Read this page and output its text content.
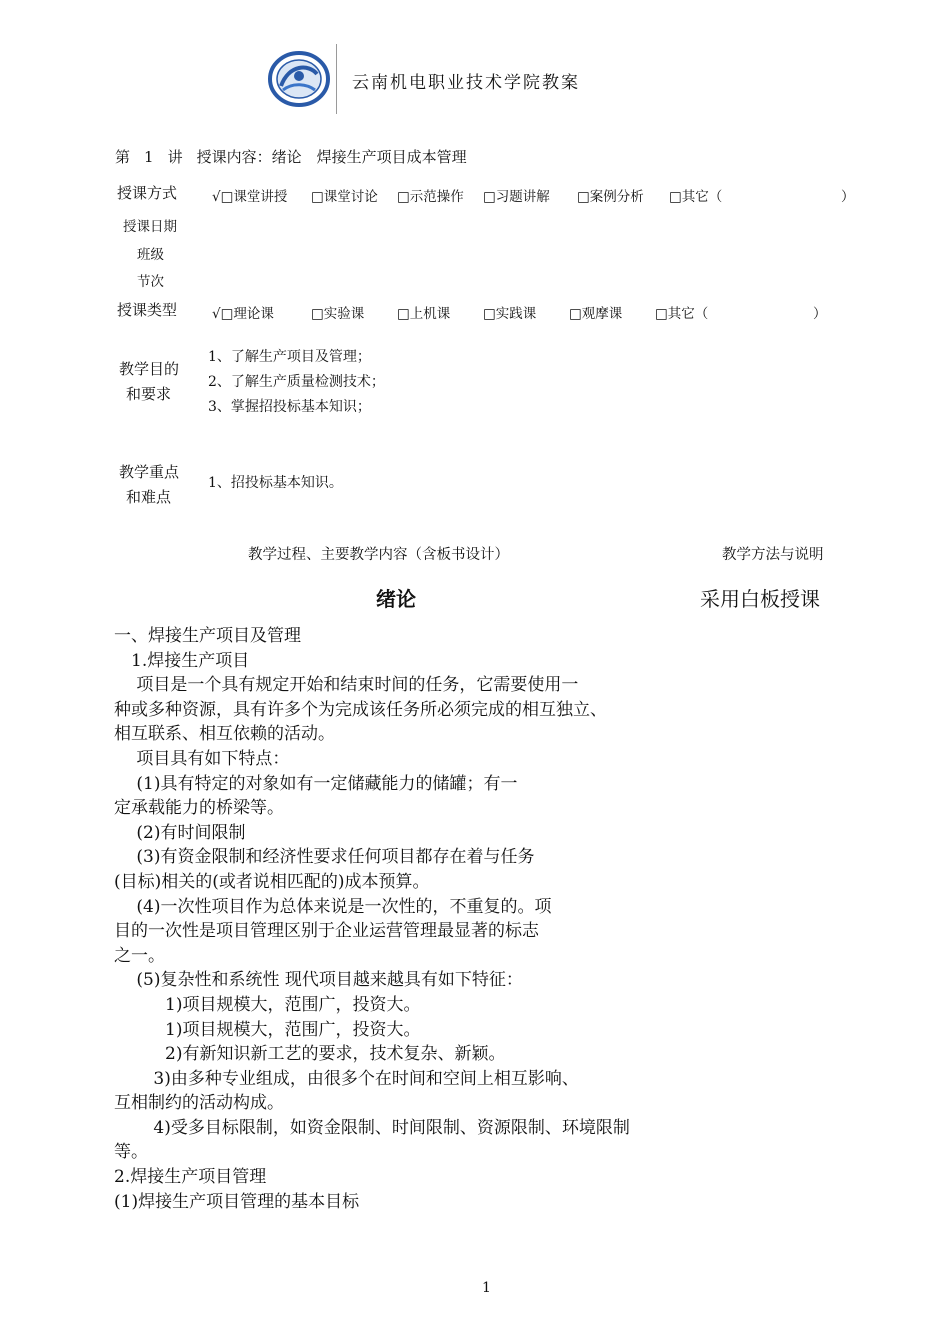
云南机电职业技术学院教案
第 1 讲 授课内容：绪论　焊接生产项目成本管理
授课方式	√□课堂讲授 □课堂讨论 □示范操作 □习题讲解 □案例分析 □其它（	）
授课日期
班级
节次
授课类型	√□理论课	□实验课 □上机课 □实践课 □观摩课 □其它（	）
教学目的
和要求
1、了解生产项目及管理；
2、了解生产质量检测技术；
3、掌握招投标基本知识；
教学重点
和难点
1、招投标基本知识。
教学过程、主要教学内容（含板书设计）	教学方法与说明
绪论	采用白板授课
一、焊接生产项目及管理
　1.焊接生产项目
　 项目是一个具有规定开始和结束时间的任务，它需要使用一
种或多种资源，具有许多个为完成该任务所必须完成的相互独立、
相互联系、相互依赖的活动。
　 项目具有如下特点：
　 (1)具有特定的对象如有一定储藏能力的储罐；有一
定承载能力的桥梁等。
　 (2)有时间限制
　 (3)有资金限制和经济性要求任何项目都存在着与任务
(目标)相关的(或者说相匹配的)成本预算。
　 (4)一次性项目作为总体来说是一次性的，不重复的。项
目的一次性是项目管理区别于企业运营管理最显著的标志
之一。
　 (5)复杂性和系统性 现代项目越来越具有如下特征：
　　　1)项目规模大，范围广，投资大。
　　　1)项目规模大，范围广，投资大。
　　　2)有新知识新工艺的要求，技术复杂、新颖。
　　 3)由多种专业组成，由很多个在时间和空间上相互影响、
互相制约的活动构成。
　　 4)受多目标限制，如资金限制、时间限制、资源限制、环境限制
等。
2.焊接生产项目管理
(1)焊接生产项目管理的基本目标
1
